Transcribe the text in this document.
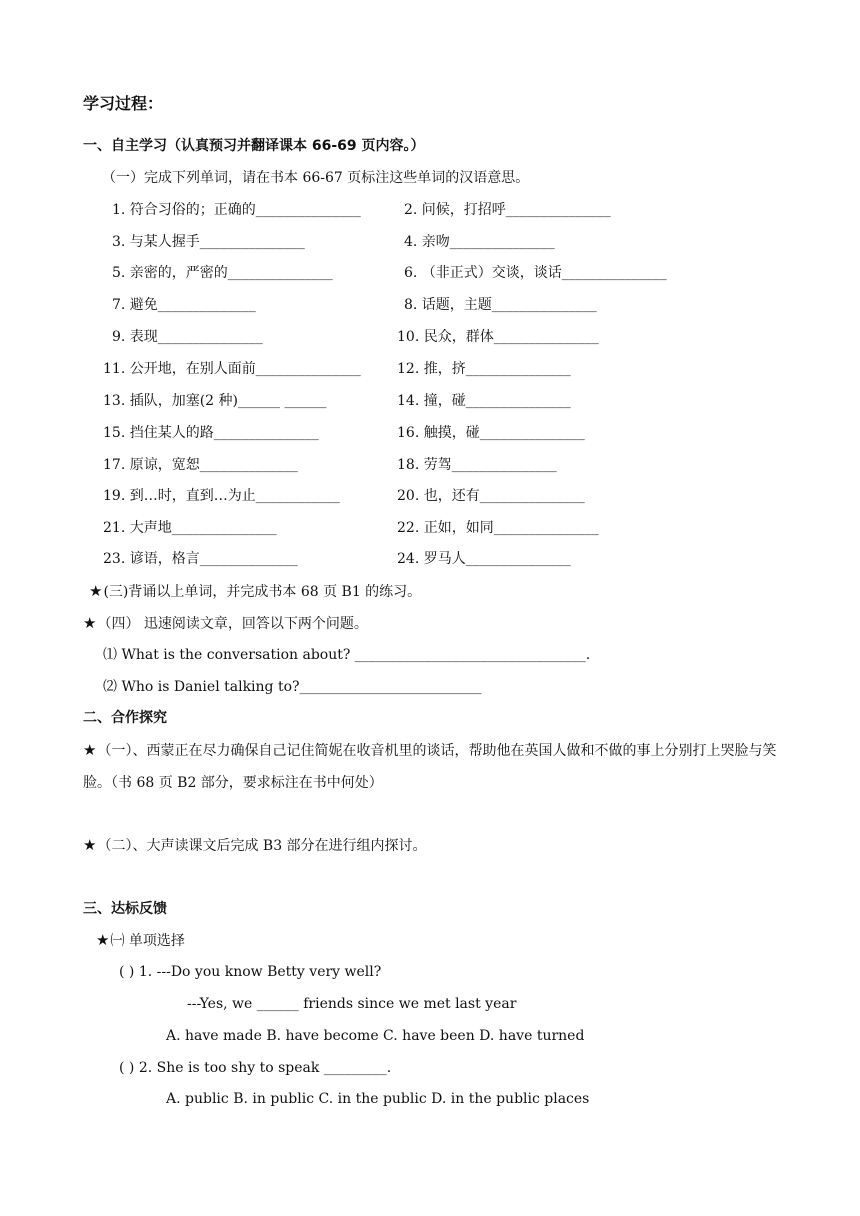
学习过程：
一、自主学习（认真预习并翻译课本 66-69 页内容。）
（一）完成下列单词，请在书本 66-67 页标注这些单词的汉语意思。
1. 符合习俗的；正确的_______________
3. 与某人握手_______________
5. 亲密的，严密的_______________
7. 避免______________
9. 表现_______________
11. 公开地，在别人面前_______________
13. 插队，加塞(2 种)______ ______
15. 挡住某人的路_______________
17. 原谅，宽恕______________
19. 到…时，直到…为止____________
21. 大声地_______________
23. 谚语，格言______________
2. 问候，打招呼_______________
4. 亲吻_______________
6. （非正式）交谈，谈话_______________
8. 话题，主题_______________
10. 民众，群体_______________
12. 推，挤_______________
14. 撞，碰_______________
16. 触摸，碰_______________
18. 劳驾_______________
20. 也，还有_______________
22. 正如，如同_______________
24. 罗马人_______________
★(三)背诵以上单词，并完成书本 68 页 B1 的练习。
★（四） 迅速阅读文章，回答以下两个问题。
⑴ What is the conversation about? _________________________________.
⑵ Who is Daniel talking to?__________________________
二、合作探究
★（一）、西蒙正在尽力确保自己记住简妮在收音机里的谈话，帮助他在英国人做和不做的事上分别打上哭脸与笑脸。（书 68 页 B2 部分，要求标注在书中何处）
★（二）、大声读课文后完成 B3 部分在进行组内探讨。
三、达标反馈
★㈠ 单项选择
( ) 1. ---Do you know Betty very well?
---Yes, we ______ friends since we met last year
A. have made B. have become C. have been D. have turned
( ) 2. She is too shy to speak _________.
A. public B. in public C. in the public D. in the public places
